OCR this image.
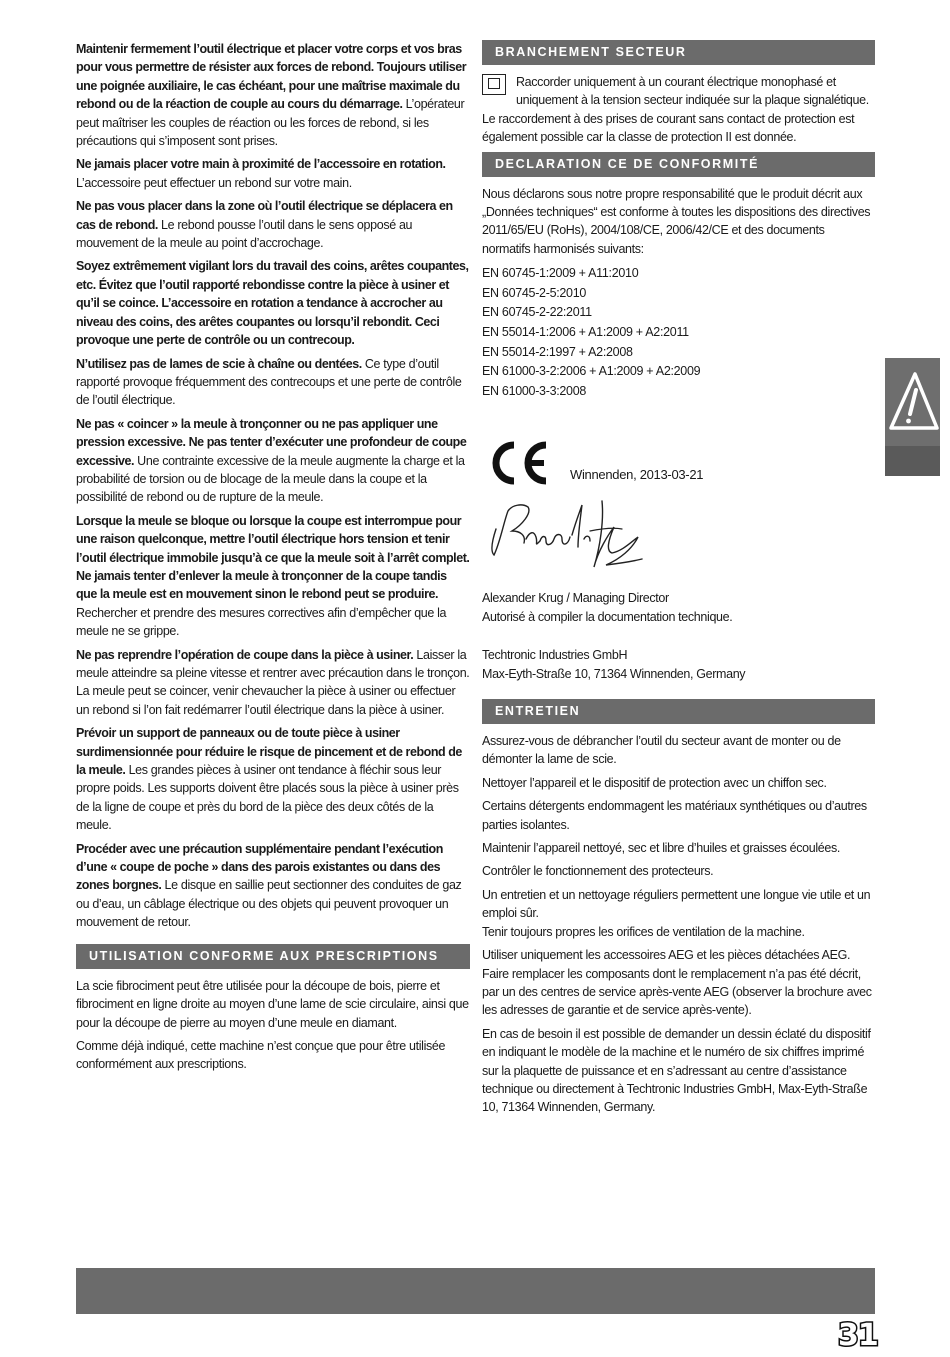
Maintenir fermement l’outil électrique et placer votre corps et vos bras pour vous permettre de résister aux forces de rebond. Toujours utiliser une poignée auxiliaire, le cas échéant, pour une maîtrise maximale du rebond ou de la réaction de couple au cours du démarrage. L’opérateur peut maîtriser les couples de réaction ou les forces de rebond, si les précautions qui s’imposent sont prises.

Ne jamais placer votre main à proximité de l’accessoire en rotation. L’accessoire peut effectuer un rebond sur votre main.

Ne pas vous placer dans la zone où l’outil électrique se déplacera en cas de rebond. Le rebond pousse l’outil dans le sens opposé au mouvement de la meule au point d’accrochage.

Soyez extrêmement vigilant lors du travail des coins, arêtes coupantes, etc. Évitez que l’outil rapporté rebondisse contre la pièce à usiner et qu’il se coince. L’accessoire en rotation a tendance à accrocher au niveau des coins, des arêtes coupantes ou lorsqu’il rebondit. Ceci provoque une perte de contrôle ou un contrecoup.

N’utilisez pas de lames de scie à chaîne ou dentées. Ce type d’outil rapporté provoque fréquemment des contrecoups et une perte de contrôle de l’outil électrique.

Ne pas « coincer » la meule à tronçonner ou ne pas appliquer une pression excessive. Ne pas tenter d’exécuter une profondeur de coupe excessive. Une contrainte excessive de la meule augmente la charge et la probabilité de torsion ou de blocage de la meule dans la coupe et la possibilité de rebond ou de rupture de la meule.

Lorsque la meule se bloque ou lorsque la coupe est interrompue pour une raison quelconque, mettre l’outil électrique hors tension et tenir l’outil électrique immobile jusqu’à ce que la meule soit à l’arrêt complet. Ne jamais tenter d’enlever la meule à tronçonner de la coupe tandis que la meule est en mouvement sinon le rebond peut se produire. Rechercher et prendre des mesures correctives afin d’empêcher que la meule ne se grippe.

Ne pas reprendre l’opération de coupe dans la pièce à usiner. Laisser la meule atteindre sa pleine vitesse et rentrer avec précaution dans le tronçon. La meule peut se coincer, venir chevaucher la pièce à usiner ou effectuer un rebond si l’on fait redémarrer l’outil électrique dans la pièce à usiner.

Prévoir un support de panneaux ou de toute pièce à usiner surdimensionnée pour réduire le risque de pincement et de rebond de la meule. Les grandes pièces à usiner ont tendance à fléchir sous leur propre poids. Les supports doivent être placés sous la pièce à usiner près de la ligne de coupe et près du bord de la pièce des deux côtés de la meule.

Procéder avec une précaution supplémentaire pendant l’exécution d’une « coupe de poche » dans des parois existantes ou dans des zones borgnes. Le disque en saillie peut sectionner des conduites de gaz ou d’eau, un câblage électrique ou des objets qui peuvent provoquer un mouvement de retour.

UTILISATION CONFORME AUX PRESCRIPTIONS

La scie fibrociment peut être utilisée pour la découpe de bois, pierre et fibrociment en ligne droite au moyen d’une lame de scie circulaire, ainsi que pour la découpe de pierre au moyen d’une meule en diamant.

Comme déjà indiqué, cette machine n’est conçue que pour être utilisée conformément aux prescriptions.

BRANCHEMENT SECTEUR

Raccorder uniquement à un courant électrique monophasé et uniquement à la tension secteur indiquée sur la plaque signalétique. Le raccordement à des prises de courant sans contact de protection est également possible car la classe de protection II est donnée.

DECLARATION CE DE CONFORMITÉ

Nous déclarons sous notre propre responsabilité que le produit décrit aux „Données techniques“ est conforme à toutes les dispositions des directives 2011/65/EU (RoHs), 2004/108/CE, 2006/42/CE et des documents normatifs harmonisés suivants:

EN 60745-1:2009 + A11:2010
EN 60745-2-5:2010
EN 60745-2-22:2011
EN 55014-1:2006 + A1:2009 + A2:2011
EN 55014-2:1997 + A2:2008
EN 61000-3-2:2006 + A1:2009 + A2:2009
EN 61000-3-3:2008
Winnenden, 2013-03-21

Alexander Krug / Managing Director

Autorisé à compiler la documentation technique.

Techtronic Industries GmbH

Max-Eyth-Straße 10, 71364 Winnenden, Germany

ENTRETIEN

Assurez-vous de débrancher l’outil du secteur avant de monter ou de démonter la lame de scie.

Nettoyer l’appareil et le dispositif de protection avec un chiffon sec.

Certains détergents endommagent les matériaux synthétiques ou d’autres parties isolantes.

Maintenir l’appareil nettoyé, sec et libre d’huiles et graisses écoulées.

Contrôler le fonctionnement des protecteurs.

Un entretien et un nettoyage réguliers permettent une longue vie utile et un emploi sûr.

Tenir toujours propres les orifices de ventilation de la machine.

Utiliser uniquement les accessoires AEG et les pièces détachées AEG. Faire remplacer les composants dont le remplacement n’a pas été décrit, par un des centres de service après-vente AEG (observer la brochure avec les adresses de garantie et de service après-vente).

En cas de besoin il est possible de demander un dessin éclaté du dispositif en indiquant le modèle de la machine et le numéro de six chiffres imprimé sur la plaquette de puissance et en s’adressant au centre d’assistance technique ou directement à Techtronic Industries GmbH, Max-Eyth-Straße 10, 71364 Winnenden, Germany.

31
